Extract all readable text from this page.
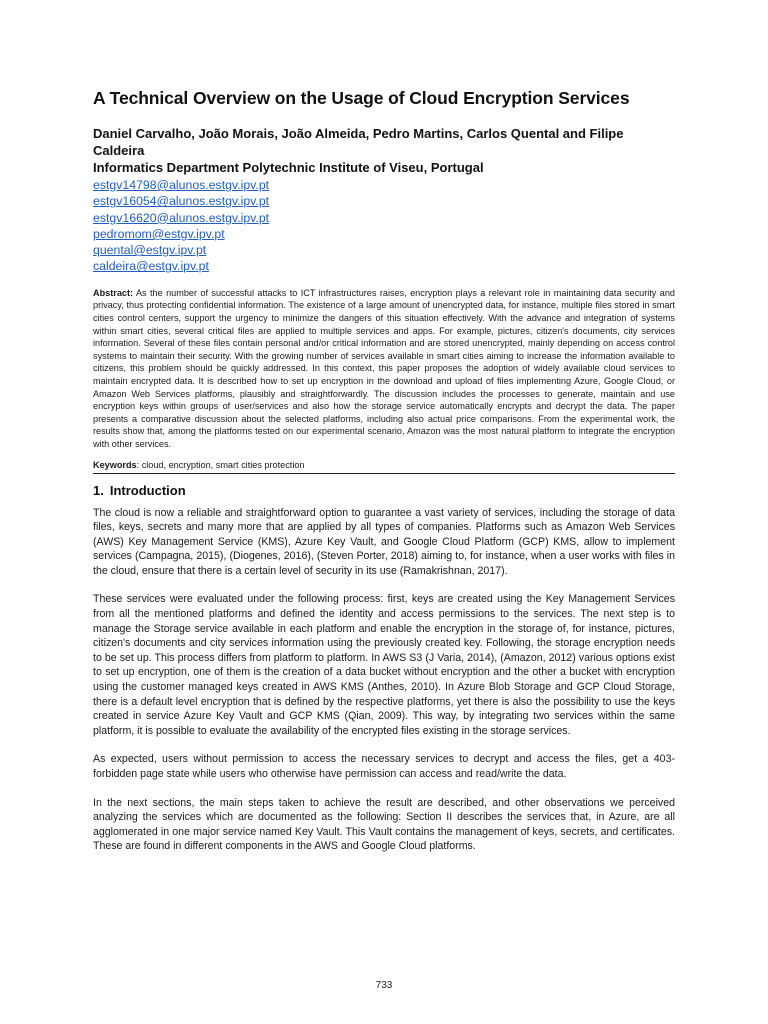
A Technical Overview on the Usage of Cloud Encryption Services

Daniel Carvalho, João Morais, João Almeida, Pedro Martins, Carlos Quental and Filipe Caldeira

Informatics Department Polytechnic Institute of Viseu, Portugal

estgv14798@alunos.estgv.ipv.pt
estgv16054@alunos.estgv.ipv.pt
estgv16620@alunos.estgv.ipv.pt
pedromom@estgv.ipv.pt
quental@estgv.ipv.pt
caldeira@estgv.ipv.pt

Abstract: As the number of successful attacks to ICT infrastructures raises, encryption plays a relevant role in maintaining data security and privacy, thus protecting confidential information. The existence of a large amount of unencrypted data, for instance, multiple files stored in smart cities control centers, support the urgency to minimize the dangers of this situation effectively. With the advance and integration of systems within smart cities, several critical files are applied to multiple services and apps. For example, pictures, citizen's documents, city services information. Several of these files contain personal and/or critical information and are stored unencrypted, mainly depending on access control systems to maintain their security. With the growing number of services available in smart cities aiming to increase the information available to citizens, this problem should be quickly addressed. In this context, this paper proposes the adoption of widely available cloud services to maintain encrypted data. It is described how to set up encryption in the download and upload of files implementing Azure, Google Cloud, or Amazon Web Services platforms, plausibly and straightforwardly. The discussion includes the processes to generate, maintain and use encryption keys within groups of user/services and also how the storage service automatically encrypts and decrypt the data. The paper presents a comparative discussion about the selected platforms, including also actual price comparisons. From the experimental work, the results show that, among the platforms tested on our experimental scenario, Amazon was the most natural platform to integrate the encryption with other services.

Keywords: cloud, encryption, smart cities protection

1. Introduction

The cloud is now a reliable and straightforward option to guarantee a vast variety of services, including the storage of data files, keys, secrets and many more that are applied by all types of companies. Platforms such as Amazon Web Services (AWS) Key Management Service (KMS), Azure Key Vault, and Google Cloud Platform (GCP) KMS, allow to implement services (Campagna, 2015), (Diogenes, 2016), (Steven Porter, 2018) aiming to, for instance, when a user works with files in the cloud, ensure that there is a certain level of security in its use (Ramakrishnan, 2017).

These services were evaluated under the following process: first, keys are created using the Key Management Services from all the mentioned platforms and defined the identity and access permissions to the services. The next step is to manage the Storage service available in each platform and enable the encryption in the storage of, for instance, pictures, citizen's documents and city services information using the previously created key. Following, the storage encryption needs to be set up. This process differs from platform to platform. In AWS S3 (J Varia, 2014), (Amazon, 2012) various options exist to set up encryption, one of them is the creation of a data bucket without encryption and the other a bucket with encryption using the customer managed keys created in AWS KMS (Anthes, 2010). In Azure Blob Storage and GCP Cloud Storage, there is a default level encryption that is defined by the respective platforms, yet there is also the possibility to use the keys created in service Azure Key Vault and GCP KMS (Qian, 2009). This way, by integrating two services within the same platform, it is possible to evaluate the availability of the encrypted files existing in the storage services.

As expected, users without permission to access the necessary services to decrypt and access the files, get a 403-forbidden page state while users who otherwise have permission can access and read/write the data.

In the next sections, the main steps taken to achieve the result are described, and other observations we perceived analyzing the services which are documented as the following: Section II describes the services that, in Azure, are all agglomerated in one major service named Key Vault. This Vault contains the management of keys, secrets, and certificates. These are found in different components in the AWS and Google Cloud platforms.

733
